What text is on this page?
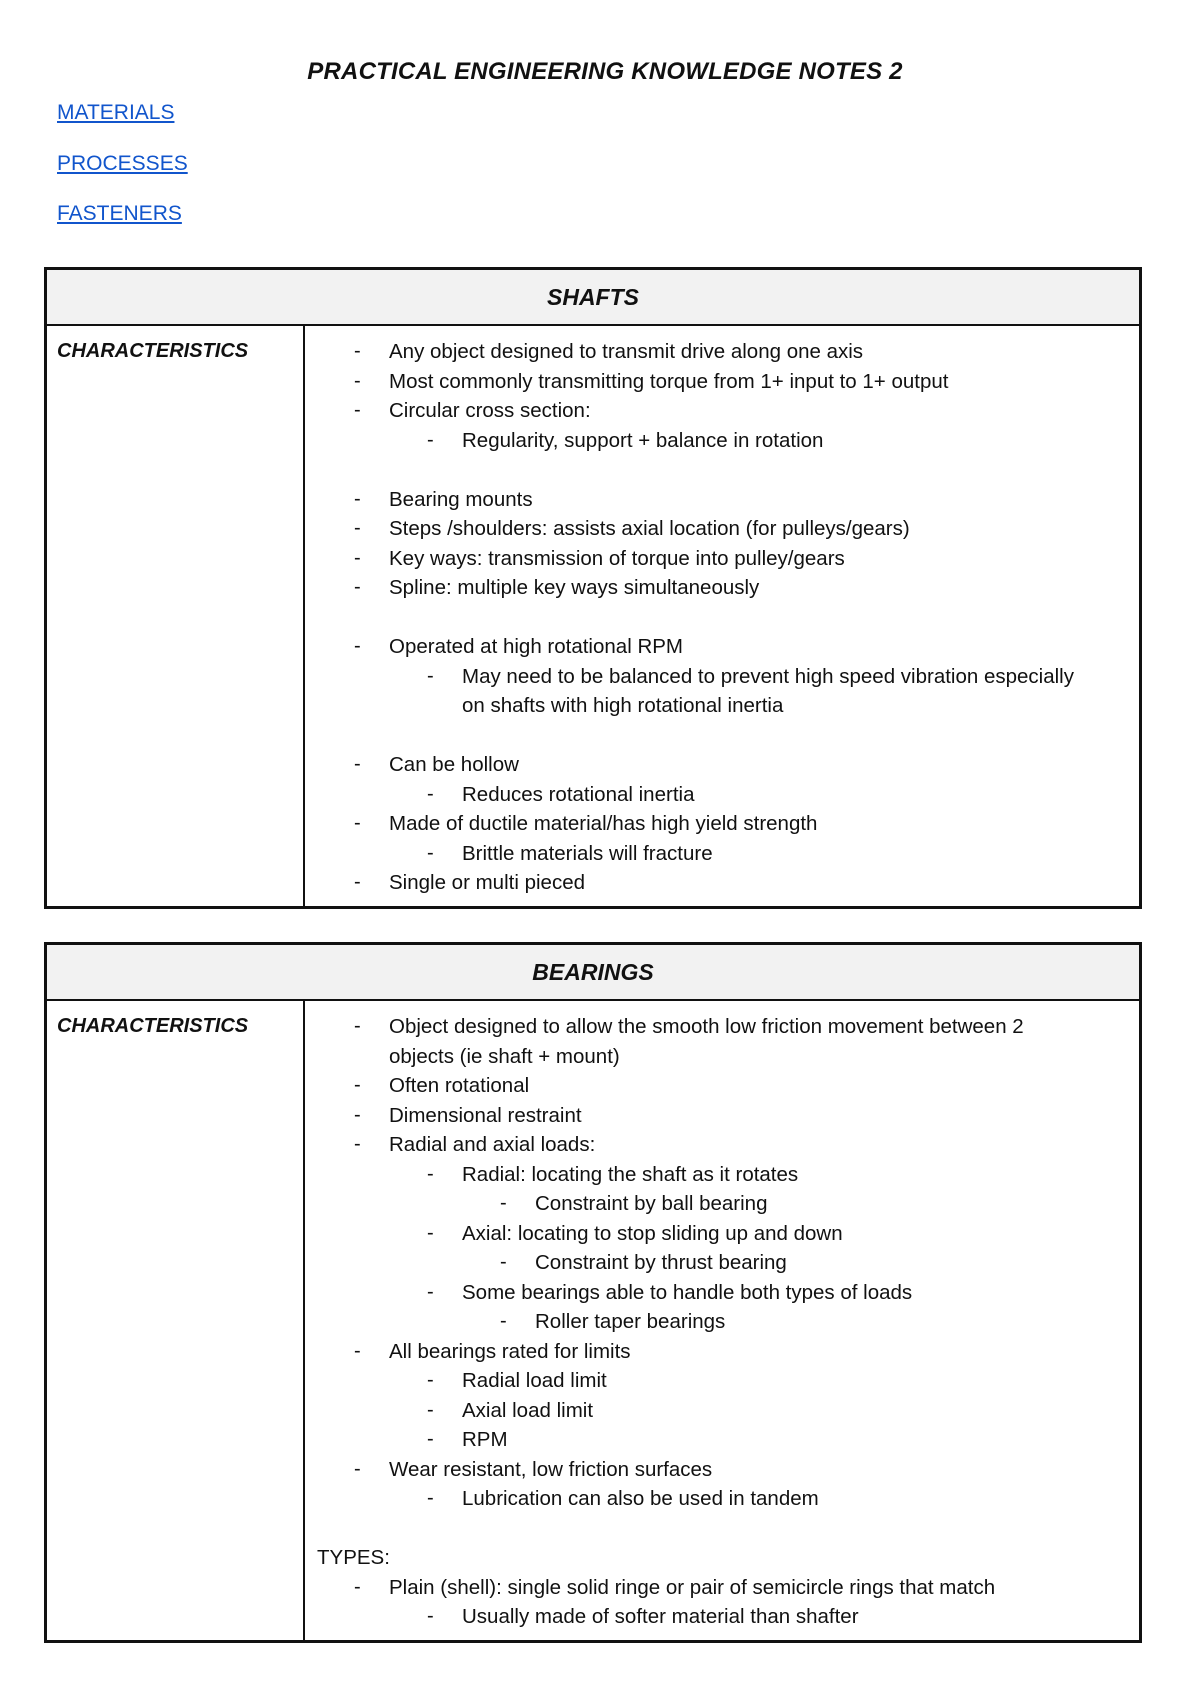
PRACTICAL ENGINEERING KNOWLEDGE NOTES 2
MATERIALS
PROCESSES
FASTENERS
SHAFTS
CHARACTERISTICS	- Any object designed to transmit drive along one axis
- Most commonly transmitting torque from 1+ input to 1+ output
- Circular cross section:
- Regularity, support + balance in rotation
- Bearing mounts
- Steps /shoulders: assists axial location (for pulleys/gears)
- Key ways: transmission of torque into pulley/gears
- Spline: multiple key ways simultaneously
- Operated at high rotational RPM
- May need to be balanced to prevent high speed vibration especially on shafts with high rotational inertia
- Can be hollow
- Reduces rotational inertia
- Made of ductile material/has high yield strength
- Brittle materials will fracture
- Single or multi pieced
BEARINGS
CHARACTERISTICS	- Object designed to allow the smooth low friction movement between 2 objects (ie shaft + mount)
- Often rotational
- Dimensional restraint
- Radial and axial loads:
- Radial: locating the shaft as it rotates
- Constraint by ball bearing
- Axial: locating to stop sliding up and down
- Constraint by thrust bearing
- Some bearings able to handle both types of loads
- Roller taper bearings
- All bearings rated for limits
- Radial load limit
- Axial load limit
- RPM
- Wear resistant, low friction surfaces
- Lubrication can also be used in tandem
TYPES:
- Plain (shell): single solid ringe or pair of semicircle rings that match
- Usually made of softer material than shafter
